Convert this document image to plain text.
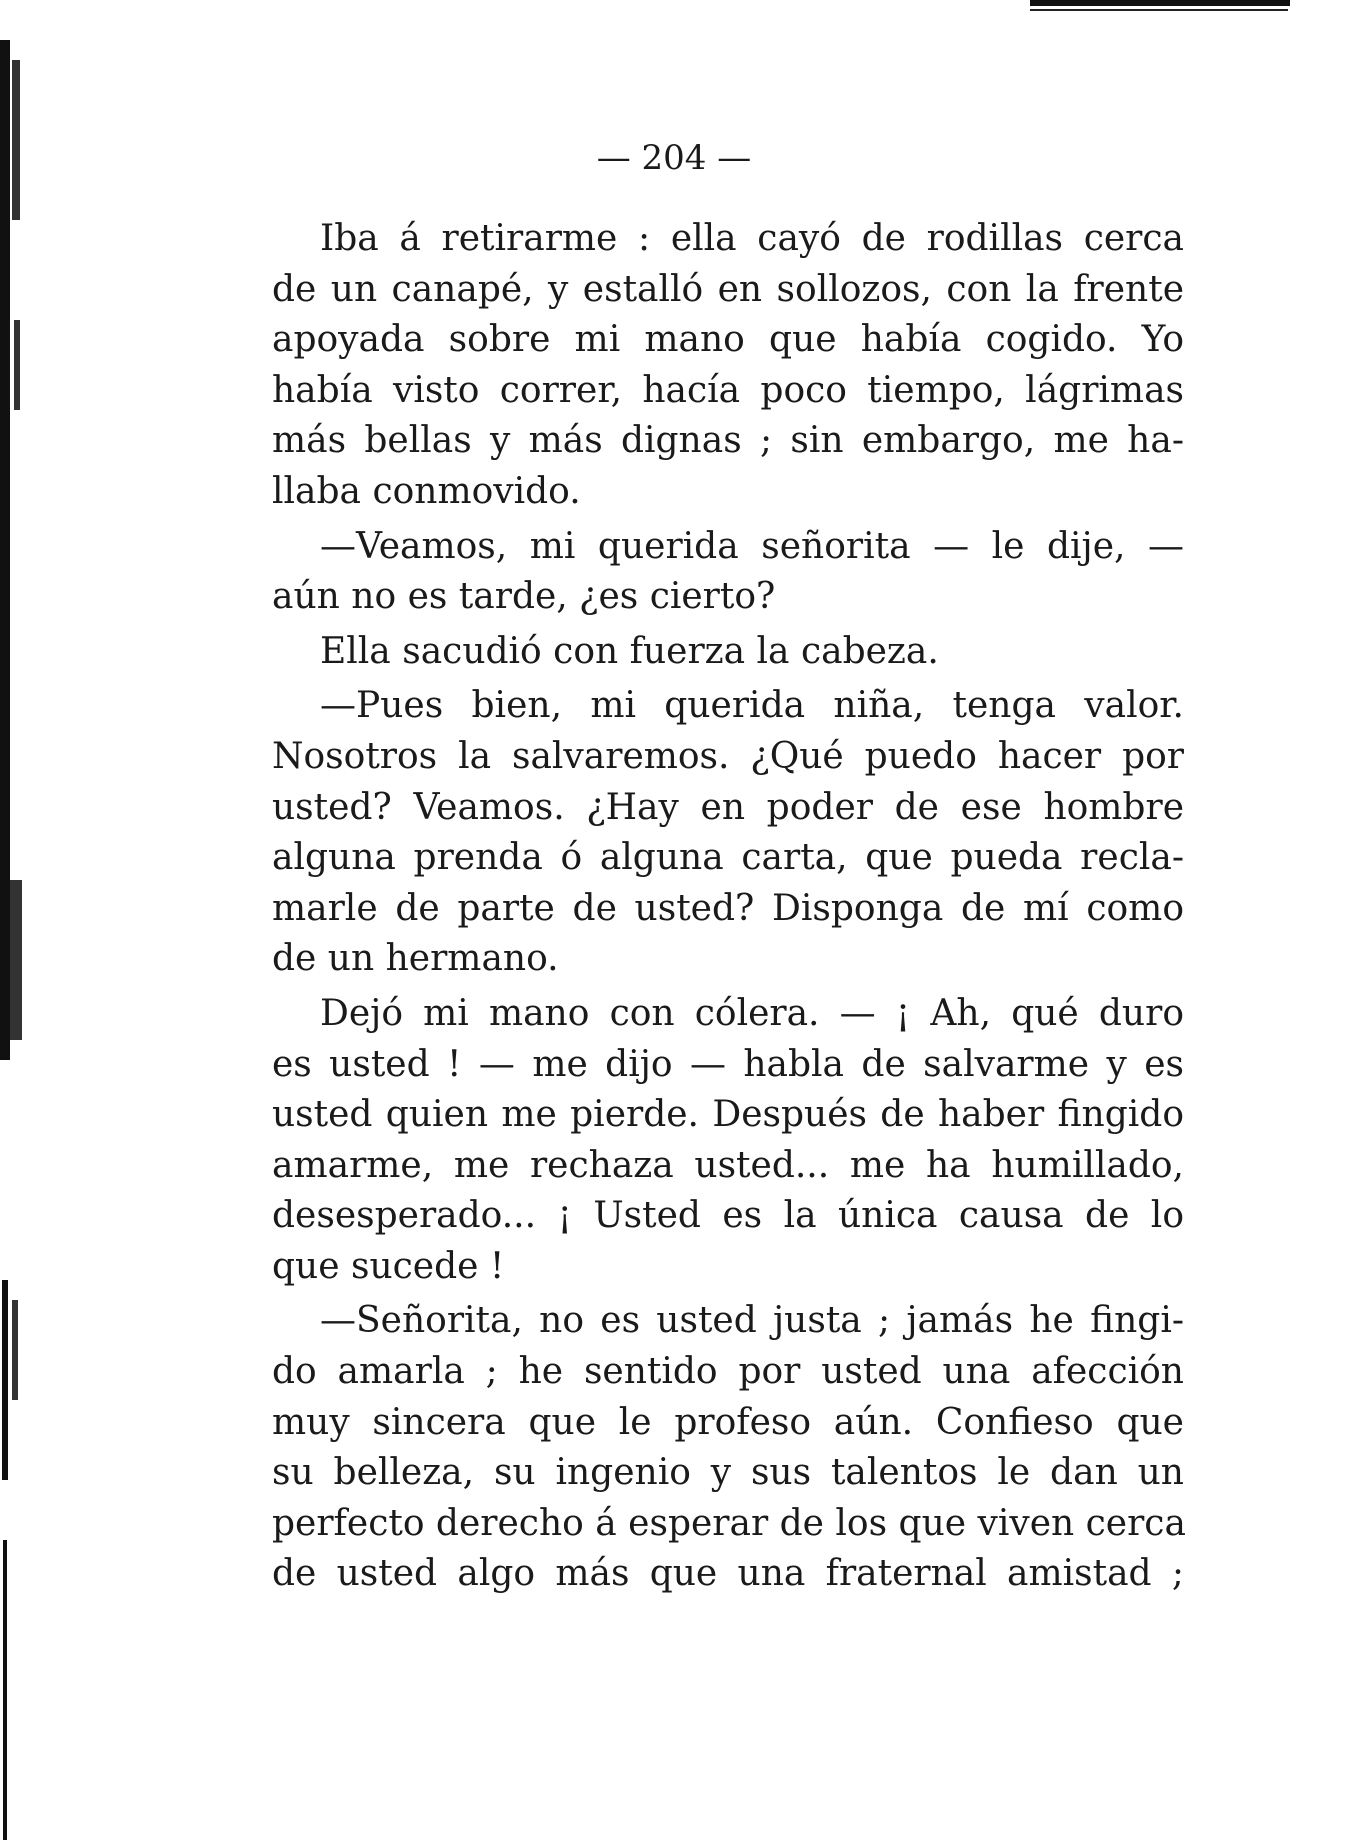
— 204 —
Iba á retirarme : ella cayó de rodillas cerca
de un canapé, y estalló en sollozos, con la frente
apoyada sobre mi mano que había cogido. Yo
había visto correr, hacía poco tiempo, lágrimas
más bellas y más dignas ; sin embargo, me ha-
llaba conmovido.
—Veamos, mi querida señorita — le dije, —
aún no es tarde, ¿es cierto?
Ella sacudió con fuerza la cabeza.
—Pues bien, mi querida niña, tenga valor.
Nosotros la salvaremos. ¿Qué puedo hacer por
usted? Veamos. ¿Hay en poder de ese hombre
alguna prenda ó alguna carta, que pueda recla-
marle de parte de usted? Disponga de mí como
de un hermano.
Dejó mi mano con cólera. — ¡ Ah, qué duro
es usted ! — me dijo — habla de salvarme y es
usted quien me pierde. Después de haber fingido
amarme, me rechaza usted... me ha humillado,
desesperado... ¡ Usted es la única causa de lo
que sucede !
—Señorita, no es usted justa ; jamás he fingi-
do amarla ; he sentido por usted una afección
muy sincera que le profeso aún. Confieso que
su belleza, su ingenio y sus talentos le dan un
perfecto derecho á esperar de los que viven cerca
de usted algo más que una fraternal amistad ;
